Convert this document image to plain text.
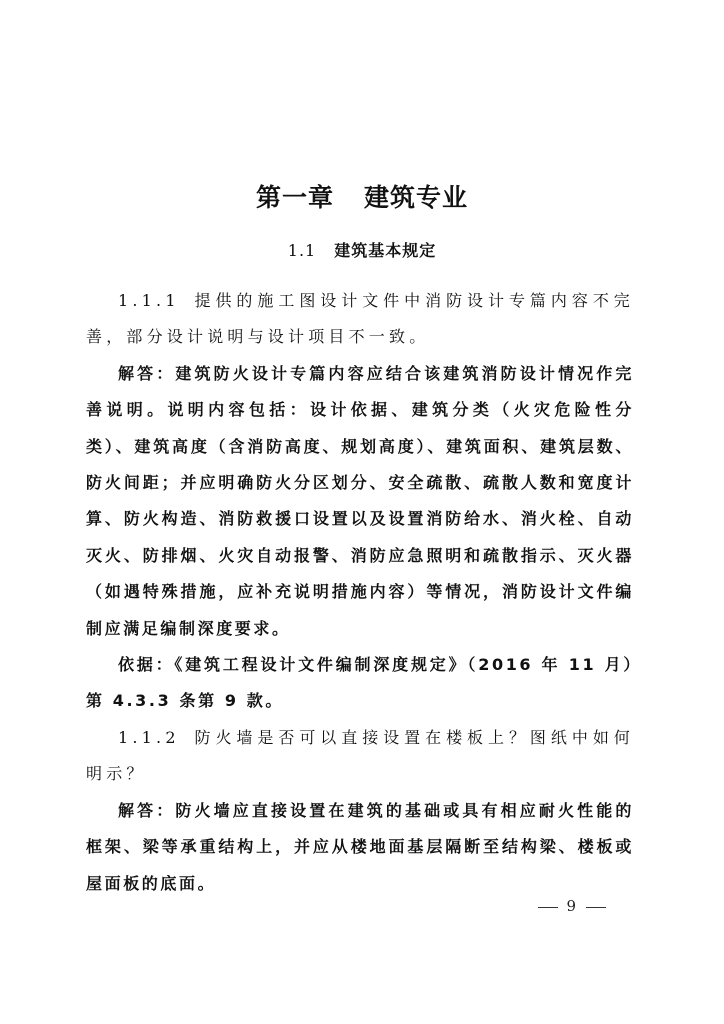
第一章 建筑专业
1.1 建筑基本规定

1.1.1 提供的施工图设计文件中消防设计专篇内容不完善，部分设计说明与设计项目不一致。

解答：建筑防火设计专篇内容应结合该建筑消防设计情况作完善说明。说明内容包括：设计依据、建筑分类（火灾危险性分类）、建筑高度（含消防高度、规划高度）、建筑面积、建筑层数、防火间距；并应明确防火分区划分、安全疏散、疏散人数和宽度计算、防火构造、消防救援口设置以及设置消防给水、消火栓、自动灭火、防排烟、火灾自动报警、消防应急照明和疏散指示、灭火器（如遇特殊措施，应补充说明措施内容）等情况，消防设计文件编制应满足编制深度要求。

依据：《建筑工程设计文件编制深度规定》（2016 年 11 月）第 4.3.3 条第 9 款。

1.1.2 防火墙是否可以直接设置在楼板上？图纸中如何明示？

解答：防火墙应直接设置在建筑的基础或具有相应耐火性能的框架、梁等承重结构上，并应从楼地面基层隔断至结构梁、楼板或屋面板的底面。

9
